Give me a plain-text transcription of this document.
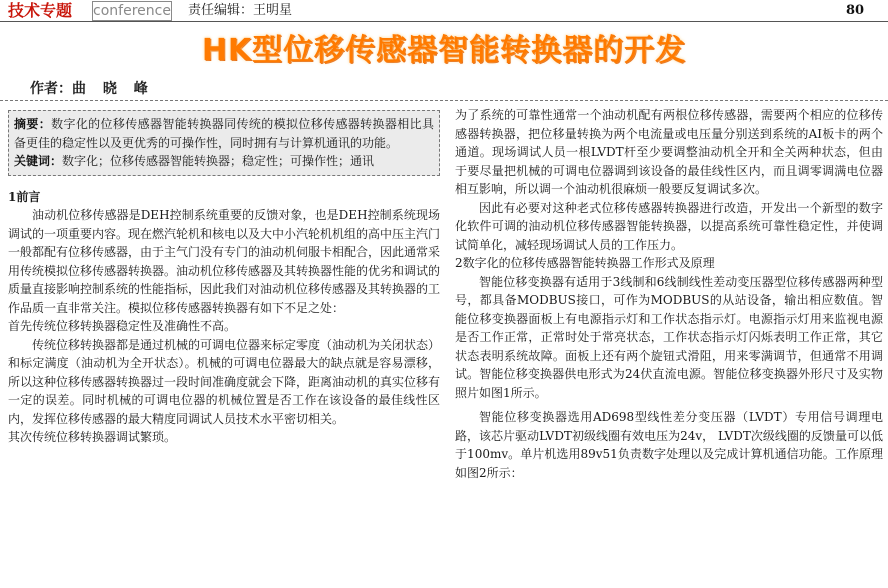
技术专题 conference 责任编辑：王明星	80
HK型位移传感器智能转换器的开发
作者：曲 晓 峰

摘要：数字化的位移传感器智能转换器同传统的模拟位移传感器转换器相比具备更佳的稳定性以及更优秀的可操作性，同时拥有与计算机通讯的功能。

关键词：数字化；位移传感器智能转换器；稳定性；可操作性；通讯

1前言

油动机位移传感器是DEH控制系统重要的反馈对象，也是DEH控制系统现场调试的一项重要内容。现在燃汽轮机和核电以及大中小汽轮机机组的高中压主汽门一般都配有位移传感器，由于主气门没有专门的油动机伺服卡相配合，因此通常采用传统模拟位移传感器转换器。油动机位移传感器及其转换器性能的优劣和调试的质量直接影响控制系统的性能指标，因此我们对油动机位移传感器及其转换器的工作品质一直非常关注。模拟位移传感器转换器有如下不足之处：

首先传统位移转换器稳定性及准确性不高。

传统位移转换器都是通过机械的可调电位器来标定零度（油动机为关闭状态）和标定满度（油动机为全开状态）。机械的可调电位器最大的缺点就是容易漂移，所以这种位移传感器转换器过一段时间准确度就会下降，距离油动机的真实位移有一定的误差。同时机械的可调电位器的机械位置是否工作在该设备的最佳线性区内，发挥位移传感器的最大精度同调试人员技术水平密切相关。

其次传统位移转换器调试繁琐。

为了系统的可靠性通常一个油动机配有两根位移传感器，需要两个相应的位移传感器转换器，把位移量转换为两个电流量或电压量分别送到系统的AI板卡的两个通道。现场调试人员一根LVDT杆至少要调整油动机全开和全关两种状态，但由于要尽量把机械的可调电位器调到该设备的最佳线性区内，而且调零调满电位器相互影响，所以调一个油动机很麻烦一般要反复调试多次。

因此有必要对这种老式位移传感器转换器进行改造，开发出一个新型的数字化软件可调的油动机位移传感器智能转换器，以提高系统可靠性稳定性，并使调试简单化，减轻现场调试人员的工作压力。

2数字化的位移传感器智能转换器工作形式及原理

智能位移变换器有适用于3线制和6线制线性差动变压器型位移传感器两种型号，都具备MODBUS接口，可作为MODBUS的从站设备，输出相应数值。智能位移变换器面板上有电源指示灯和工作状态指示灯。电源指示灯用来监视电源是否工作正常，正常时处于常亮状态，工作状态指示灯闪烁表明工作正常，其它状态表明系统故障。面板上还有两个旋钮式滑阻，用来零满调节，但通常不用调试。智能位移变换器供电形式为24伏直流电源。智能位移变换器外形尺寸及实物照片如图1所示。

智能位移变换器选用AD698型线性差分变压器（LVDT）专用信号调理电路，该芯片驱动LVDT初级线圈有效电压为24v， LVDT次级线圈的反馈量可以低于100mv。单片机选用89v51负责数字处理以及完成计算机通信功能。工作原理如图2所示：
